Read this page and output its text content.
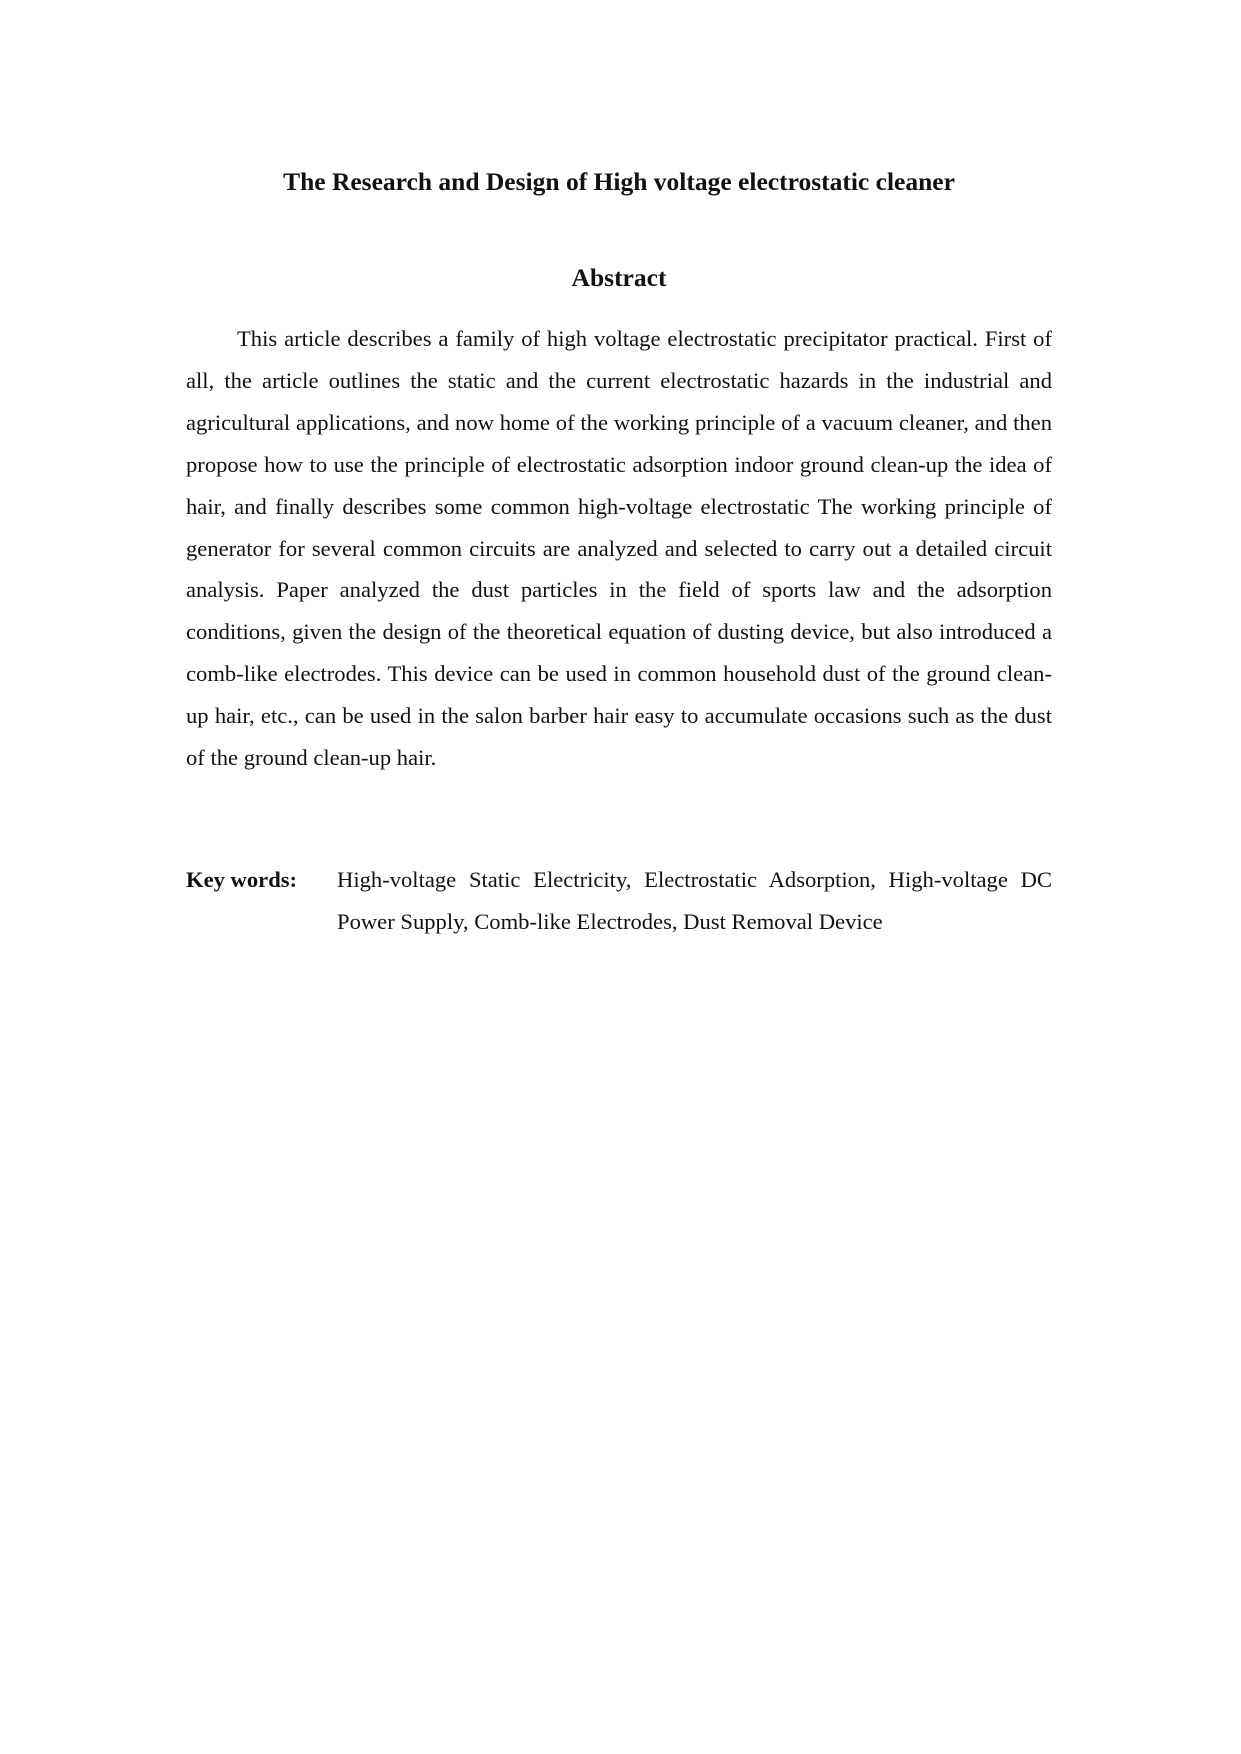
The Research and Design of High voltage electrostatic cleaner
Abstract

This article describes a family of high voltage electrostatic precipitator practical. First of all, the article outlines the static and the current electrostatic hazards in the industrial and agricultural applications, and now home of the working principle of a vacuum cleaner, and then propose how to use the principle of electrostatic adsorption indoor ground clean-up the idea of hair, and finally describes some common high-voltage electrostatic The working principle of generator for several common circuits are analyzed and selected to carry out a detailed circuit analysis. Paper analyzed the dust particles in the field of sports law and the adsorption conditions, given the design of the theoretical equation of dusting device, but also introduced a comb-like electrodes. This device can be used in common household dust of the ground clean-up hair, etc., can be used in the salon barber hair easy to accumulate occasions such as the dust of the ground clean-up hair.

Key words: High-voltage Static Electricity, Electrostatic Adsorption, High-voltage DC Power Supply, Comb-like Electrodes, Dust Removal Device
